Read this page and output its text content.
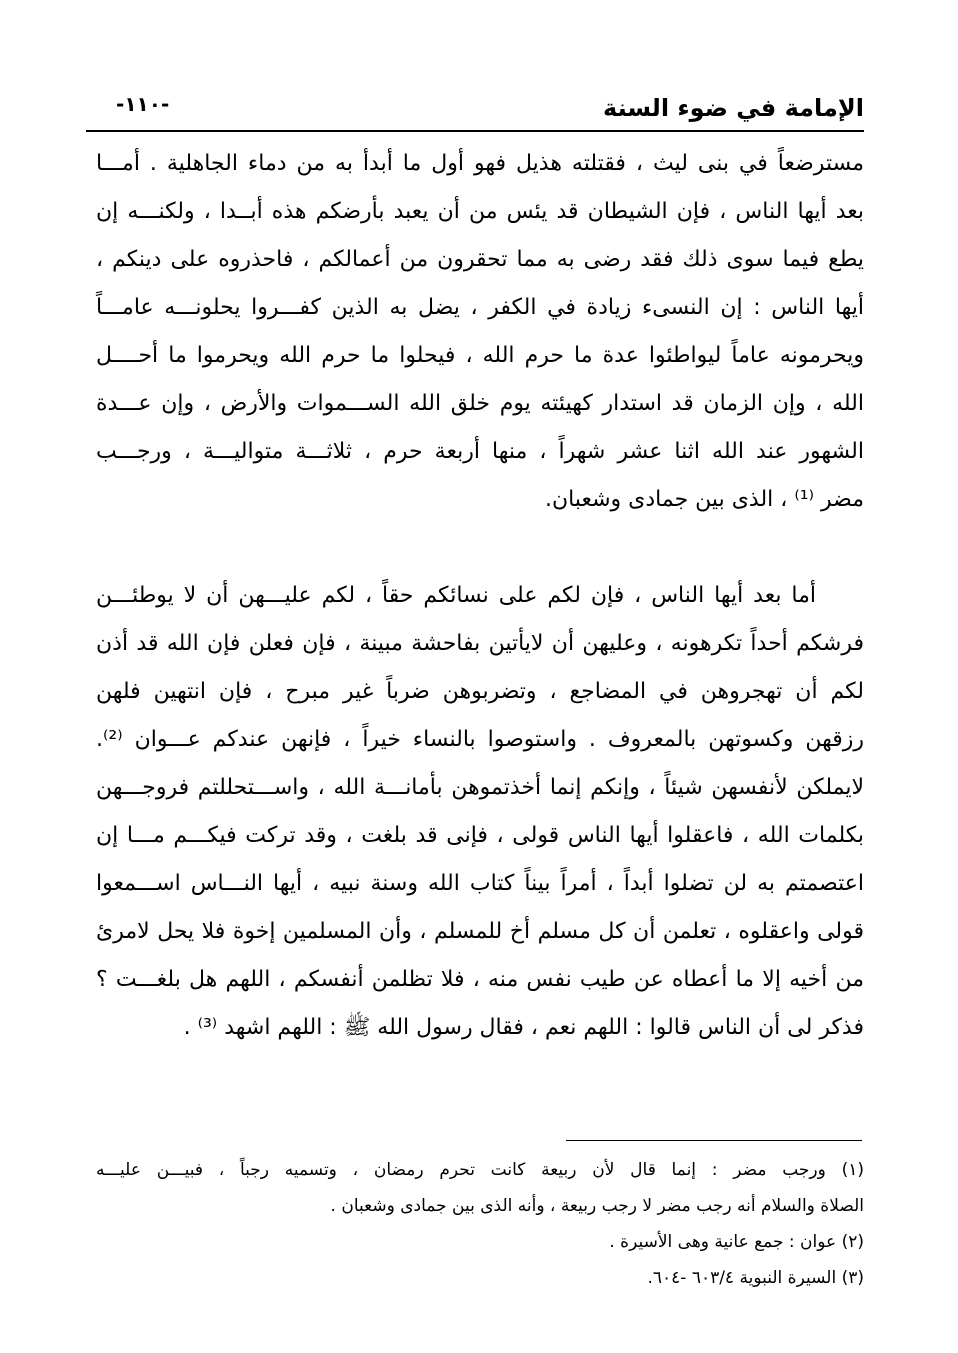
-١١٠-	الإمامة في ضوء السنة
مسترضعاً في بنى ليث ، فقتلته هذيل فهو أول ما أبدأ به من دماء الجاهلية . أمـــا
بعد أيها الناس ، فإن الشيطان قد يئس من أن يعبد بأرضكم هذه أبــدا ، ولكنـــه إن
يطع فيما سوى ذلك فقد رضى به مما تحقرون من أعمالكم ، فاحذروه على دينكم ،
أيها الناس : إن النسىء زيادة في الكفر ، يضل به الذين كفـــروا يحلونـــه عامـــاً
ويحرمونه عاماً ليواطئوا عدة ما حرم الله ، فيحلوا ما حرم الله ويحرموا ما أحــــل
الله ، وإن الزمان قد استدار كهيئته يوم خلق الله الســـموات والأرض ، وإن عـــدة
الشهور عند الله اثنا عشر شهراً ، منها أربعة حرم ، ثلاثـــة متواليـــة ، ورجـــب
مضر ⁽¹⁾ ، الذى بين جمادى وشعبان.
أما بعد أيها الناس ، فإن لكم على نسائكم حقاً ، لكم عليـــهن أن لا يوطئـــن
فرشكم أحداً تكرهونه ، وعليهن أن لايأتين بفاحشة مبينة ، فإن فعلن فإن الله قد أذن
لكم أن تهجروهن في المضاجع ، وتضربوهن ضرباً غير مبرح ، فإن انتهين فلهن
رزقهن وكسوتهن بالمعروف . واستوصوا بالنساء خيراً ، فإنهن عندكم عـــوان ⁽²⁾.
لايملكن لأنفسهن شيئاً ، وإنكم إنما أخذتموهن بأمانـــة الله ، واســـتحللتم فروجـــهن
بكلمات الله ، فاعقلوا أيها الناس قولى ، فإنى قد بلغت ، وقد تركت فيكـــم مـــا إن
اعتصمتم به لن تضلوا أبداً ، أمراً بيناً كتاب الله وسنة نبيه ، أيها النـــاس اســـمعوا
قولى واعقلوه ، تعلمن أن كل مسلم أخ للمسلم ، وأن المسلمين إخوة فلا يحل لامرئ
من أخيه إلا ما أعطاه عن طيب نفس منه ، فلا تظلمن أنفسكم ، اللهم هل بلغـــت ؟
فذكر لى أن الناس قالوا : اللهم نعم ، فقال رسول الله ﷺ : اللهم اشهد ⁽³⁾ .
(١) ورجب مضر : إنما قال لأن ربيعة كانت تحرم رمضان ، وتسميه رجباً ، فبيـــن عليـــه
الصلاة والسلام أنه رجب مضر لا رجب ربيعة ، وأنه الذى بين جمادى وشعبان .
(٢) عوان : جمع عانية وهى الأسيرة .
(٣) السيرة النبوية ٦٠٣/٤ -٦٠٤.
